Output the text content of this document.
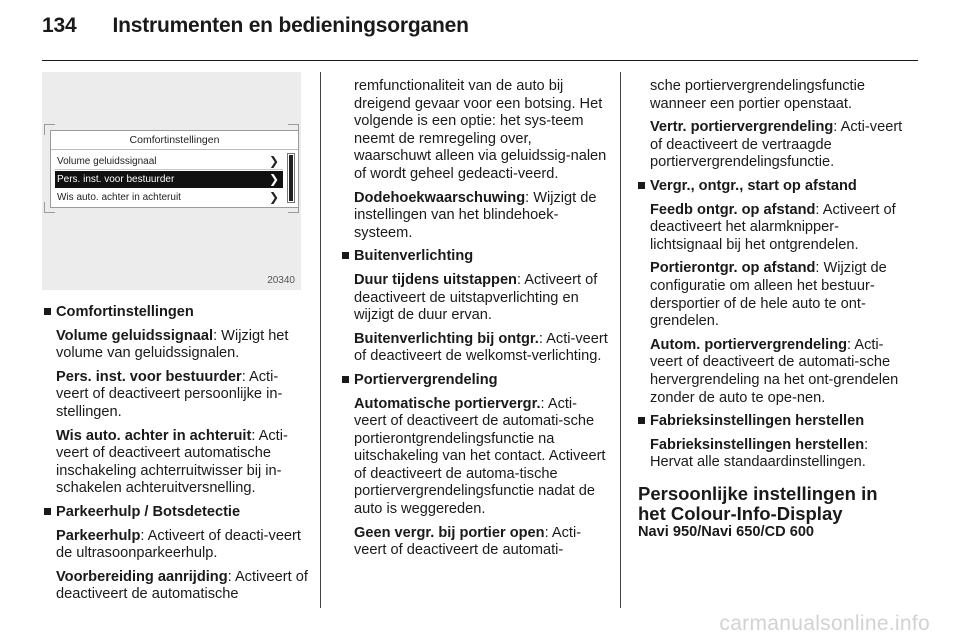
134 Instrumenten en bedieningsorganen
Comfortinstellingen
Volume geluidssignaal	❯
Pers. inst. voor bestuurder	❯
Wis auto. achter in achteruit	❯
20340
Comfortinstellingen

Volume geluidssignaal: Wijzigt het volume van geluidssignalen.

Pers. inst. voor bestuurder: Acti-veert of deactiveert persoonlijke in-stellingen.

Wis auto. achter in achteruit: Acti-veert of deactiveert automatische inschakeling achterruitwisser bij in-schakelen achteruitversnelling.

Parkeerhulp / Botsdetectie

Parkeerhulp: Activeert of deacti-veert de ultrasoonparkeerhulp.

Voorbereiding aanrijding: Activeert of deactiveert de automatische

remfunctionaliteit van de auto bij dreigend gevaar voor een botsing. Het volgende is een optie: het sys-teem neemt de remregeling over, waarschuwt alleen via geluidssig-nalen of wordt geheel gedeacti-veerd.

Dodehoekwaarschuwing: Wijzigt de instellingen van het blindehoek-systeem.

Buitenverlichting

Duur tijdens uitstappen: Activeert of deactiveert de uitstapverlichting en wijzigt de duur ervan.

Buitenverlichting bij ontgr.: Acti-veert of deactiveert de welkomst-verlichting.

Portiervergrendeling

Automatische portiervergr.: Acti-veert of deactiveert de automati-sche portierontgrendelingsfunctie na uitschakeling van het contact. Activeert of deactiveert de automa-tische portiervergrendelingsfunctie nadat de auto is weggereden.

Geen vergr. bij portier open: Acti-veert of deactiveert de automati-

sche portiervergrendelingsfunctie wanneer een portier openstaat.

Vertr. portiervergrendeling: Acti-veert of deactiveert de vertraagde portiervergrendelingsfunctie.

Vergr., ontgr., start op afstand

Feedb ontgr. op afstand: Activeert of deactiveert het alarmknipper-lichtsignaal bij het ontgrendelen.

Portierontgr. op afstand: Wijzigt de configuratie om alleen het bestuur-dersportier of de hele auto te ont-grendelen.

Autom. portiervergrendeling: Acti-veert of deactiveert de automati-sche hervergrendeling na het ont-grendelen zonder de auto te ope-nen.

Fabrieksinstellingen herstellen

Fabrieksinstellingen herstellen: Hervat alle standaardinstellingen.

Persoonlijke instellingen in het Colour-Info-Display
Navi 950/Navi 650/CD 600
carmanualsonline.info
